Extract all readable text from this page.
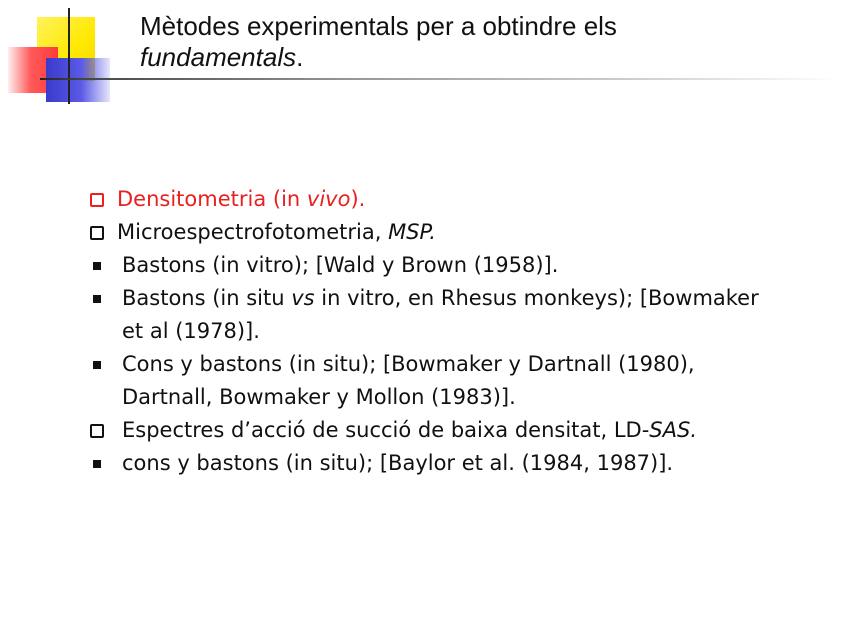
Mètodes experimentals per a obtindre els
fundamentals.
Densitometria (in vivo).
Microespectrofotometria, MSP.
Bastons (in vitro); [Wald y Brown (1958)].
Bastons (in situ vs in vitro, en Rhesus monkeys); [Bowmaker
et al (1978)].
Cons y bastons (in situ); [Bowmaker y Dartnall (1980),
Dartnall, Bowmaker y Mollon (1983)].
Espectres d’acció de succió de baixa densitat, LD-SAS.
cons y bastons (in situ); [Baylor et al. (1984, 1987)].
